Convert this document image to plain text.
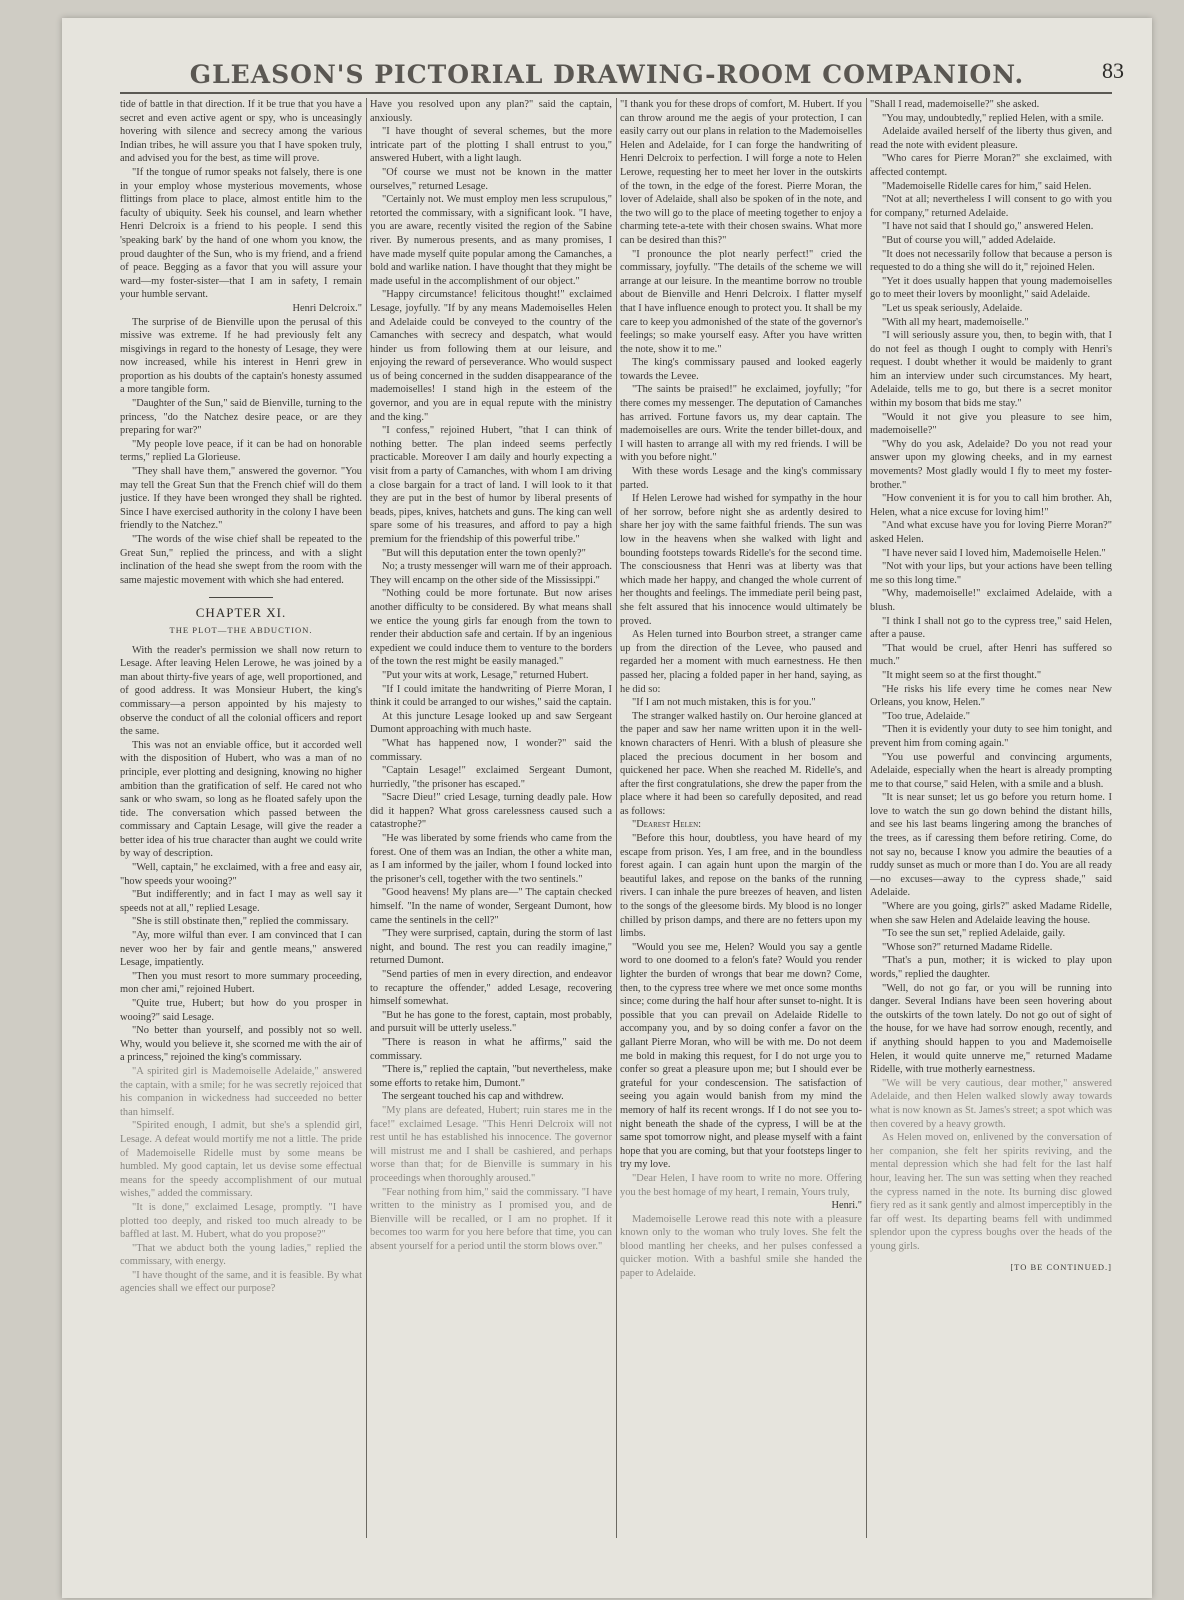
GLEASON'S PICTORIAL DRAWING-ROOM COMPANION.	83

tide of battle in that direction. If it be true that you have a secret and even active agent or spy, who is unceasingly hovering with silence and secrecy among the various Indian tribes, he will assure you that I have spoken truly, and advised you for the best, as time will prove.

"If the tongue of rumor speaks not falsely, there is one in your employ whose mysterious movements, whose flittings from place to place, almost entitle him to the faculty of ubiquity. Seek his counsel, and learn whether Henri Delcroix is a friend to his people. I send this 'speaking bark' by the hand of one whom you know, the proud daughter of the Sun, who is my friend, and a friend of peace. Begging as a favor that you will assure your ward—my foster-sister—that I am in safety, I remain your humble servant.

Henri Delcroix."

The surprise of de Bienville upon the perusal of this missive was extreme. If he had previously felt any misgivings in regard to the honesty of Lesage, they were now increased, while his interest in Henri grew in proportion as his doubts of the captain's honesty assumed a more tangible form.

"Daughter of the Sun," said de Bienville, turning to the princess, "do the Natchez desire peace, or are they preparing for war?"

"My people love peace, if it can be had on honorable terms," replied La Glorieuse.

"They shall have them," answered the governor. "You may tell the Great Sun that the French chief will do them justice. If they have been wronged they shall be righted. Since I have exercised authority in the colony I have been friendly to the Natchez."

"The words of the wise chief shall be repeated to the Great Sun," replied the princess, and with a slight inclination of the head she swept from the room with the same majestic movement with which she had entered.

CHAPTER XI.
THE PLOT—THE ABDUCTION.

With the reader's permission we shall now return to Lesage. After leaving Helen Lerowe, he was joined by a man about thirty-five years of age, well proportioned, and of good address. It was Monsieur Hubert, the king's commissary—a person appointed by his majesty to observe the conduct of all the colonial officers and report the same.

This was not an enviable office, but it accorded well with the disposition of Hubert, who was a man of no principle, ever plotting and designing, knowing no higher ambition than the gratification of self. He cared not who sank or who swam, so long as he floated safely upon the tide. The conversation which passed between the commissary and Captain Lesage, will give the reader a better idea of his true character than aught we could write by way of description.

"Well, captain," he exclaimed, with a free and easy air, "how speeds your wooing?"

"But indifferently; and in fact I may as well say it speeds not at all," replied Lesage.

"She is still obstinate then," replied the commissary.

"Ay, more wilful than ever. I am convinced that I can never woo her by fair and gentle means," answered Lesage, impatiently.

"Then you must resort to more summary proceeding, mon cher ami," rejoined Hubert.

"Quite true, Hubert; but how do you prosper in wooing?" said Lesage.

"No better than yourself, and possibly not so well. Why, would you believe it, she scorned me with the air of a princess," rejoined the king's commissary.

"A spirited girl is Mademoiselle Adelaide," answered the captain, with a smile; for he was secretly rejoiced that his companion in wickedness had succeeded no better than himself.

"Spirited enough, I admit, but she's a splendid girl, Lesage. A defeat would mortify me not a little. The pride of Mademoiselle Ridelle must by some means be humbled. My good captain, let us devise some effectual means for the speedy accomplishment of our mutual wishes," added the commissary.

"It is done," exclaimed Lesage, promptly. "I have plotted too deeply, and risked too much already to be baffled at last. M. Hubert, what do you propose?"

"That we abduct both the young ladies," replied the commissary, with energy.

"I have thought of the same, and it is feasible. By what agencies shall we effect our purpose?

Have you resolved upon any plan?" said the captain, anxiously.

"I have thought of several schemes, but the more intricate part of the plotting I shall entrust to you," answered Hubert, with a light laugh.

"Of course we must not be known in the matter ourselves," returned Lesage.

"Certainly not. We must employ men less scrupulous," retorted the commissary, with a significant look. "I have, you are aware, recently visited the region of the Sabine river. By numerous presents, and as many promises, I have made myself quite popular among the Camanches, a bold and warlike nation. I have thought that they might be made useful in the accomplishment of our object."

"Happy circumstance! felicitous thought!" exclaimed Lesage, joyfully. "If by any means Mademoiselles Helen and Adelaide could be conveyed to the country of the Camanches with secrecy and despatch, what would hinder us from following them at our leisure, and enjoying the reward of perseverance. Who would suspect us of being concerned in the sudden disappearance of the mademoiselles! I stand high in the esteem of the governor, and you are in equal repute with the ministry and the king."

"I confess," rejoined Hubert, "that I can think of nothing better. The plan indeed seems perfectly practicable. Moreover I am daily and hourly expecting a visit from a party of Camanches, with whom I am driving a close bargain for a tract of land. I will look to it that they are put in the best of humor by liberal presents of beads, pipes, knives, hatchets and guns. The king can well spare some of his treasures, and afford to pay a high premium for the friendship of this powerful tribe."

"But will this deputation enter the town openly?"

No; a trusty messenger will warn me of their approach. They will encamp on the other side of the Mississippi."

"Nothing could be more fortunate. But now arises another difficulty to be considered. By what means shall we entice the young girls far enough from the town to render their abduction safe and certain. If by an ingenious expedient we could induce them to venture to the borders of the town the rest might be easily managed."

"Put your wits at work, Lesage," returned Hubert.

"If I could imitate the handwriting of Pierre Moran, I think it could be arranged to our wishes," said the captain.

At this juncture Lesage looked up and saw Sergeant Dumont approaching with much haste.

"What has happened now, I wonder?" said the commissary.

"Captain Lesage!" exclaimed Sergeant Dumont, hurriedly, "the prisoner has escaped."

"Sacre Dieu!" cried Lesage, turning deadly pale. How did it happen? What gross carelessness caused such a catastrophe?"

"He was liberated by some friends who came from the forest. One of them was an Indian, the other a white man, as I am informed by the jailer, whom I found locked into the prisoner's cell, together with the two sentinels."

"Good heavens! My plans are—" The captain checked himself. "In the name of wonder, Sergeant Dumont, how came the sentinels in the cell?"

"They were surprised, captain, during the storm of last night, and bound. The rest you can readily imagine," returned Dumont.

"Send parties of men in every direction, and endeavor to recapture the offender," added Lesage, recovering himself somewhat.

"But he has gone to the forest, captain, most probably, and pursuit will be utterly useless."

"There is reason in what he affirms," said the commissary.

"There is," replied the captain, "but nevertheless, make some efforts to retake him, Dumont."

The sergeant touched his cap and withdrew.

"My plans are defeated, Hubert; ruin stares me in the face!" exclaimed Lesage. "This Henri Delcroix will not rest until he has established his innocence. The governor will mistrust me and I shall be cashiered, and perhaps worse than that; for de Bienville is summary in his proceedings when thoroughly aroused."

"Fear nothing from him," said the commissary. "I have written to the ministry as I promised you, and de Bienville will be recalled, or I am no prophet. If it becomes too warm for you here before that time, you can absent yourself for a period until the storm blows over."

"I thank you for these drops of comfort, M. Hubert. If you can throw around me the aegis of your protection, I can easily carry out our plans in relation to the Mademoiselles Helen and Adelaide, for I can forge the handwriting of Henri Delcroix to perfection. I will forge a note to Helen Lerowe, requesting her to meet her lover in the outskirts of the town, in the edge of the forest. Pierre Moran, the lover of Adelaide, shall also be spoken of in the note, and the two will go to the place of meeting together to enjoy a charming tete-a-tete with their chosen swains. What more can be desired than this?"

"I pronounce the plot nearly perfect!" cried the commissary, joyfully. "The details of the scheme we will arrange at our leisure. In the meantime borrow no trouble about de Bienville and Henri Delcroix. I flatter myself that I have influence enough to protect you. It shall be my care to keep you admonished of the state of the governor's feelings; so make yourself easy. After you have written the note, show it to me."

The king's commissary paused and looked eagerly towards the Levee.

"The saints be praised!" he exclaimed, joyfully; "for there comes my messenger. The deputation of Camanches has arrived. Fortune favors us, my dear captain. The mademoiselles are ours. Write the tender billet-doux, and I will hasten to arrange all with my red friends. I will be with you before night."

With these words Lesage and the king's commissary parted.

If Helen Lerowe had wished for sympathy in the hour of her sorrow, before night she as ardently desired to share her joy with the same faithful friends. The sun was low in the heavens when she walked with light and bounding footsteps towards Ridelle's for the second time. The consciousness that Henri was at liberty was that which made her happy, and changed the whole current of her thoughts and feelings. The immediate peril being past, she felt assured that his innocence would ultimately be proved.

As Helen turned into Bourbon street, a stranger came up from the direction of the Levee, who paused and regarded her a moment with much earnestness. He then passed her, placing a folded paper in her hand, saying, as he did so:

"If I am not much mistaken, this is for you."

The stranger walked hastily on. Our heroine glanced at the paper and saw her name written upon it in the well-known characters of Henri. With a blush of pleasure she placed the precious document in her bosom and quickened her pace. When she reached M. Ridelle's, and after the first congratulations, she drew the paper from the place where it had been so carefully deposited, and read as follows:

"Dearest Helen:

"Before this hour, doubtless, you have heard of my escape from prison. Yes, I am free, and in the boundless forest again. I can again hunt upon the margin of the beautiful lakes, and repose on the banks of the running rivers. I can inhale the pure breezes of heaven, and listen to the songs of the gleesome birds. My blood is no longer chilled by prison damps, and there are no fetters upon my limbs.

"Would you see me, Helen? Would you say a gentle word to one doomed to a felon's fate? Would you render lighter the burden of wrongs that bear me down? Come, then, to the cypress tree where we met once some months since; come during the half hour after sunset to-night. It is possible that you can prevail on Adelaide Ridelle to accompany you, and by so doing confer a favor on the gallant Pierre Moran, who will be with me. Do not deem me bold in making this request, for I do not urge you to confer so great a pleasure upon me; but I should ever be grateful for your condescension. The satisfaction of seeing you again would banish from my mind the memory of half its recent wrongs. If I do not see you to-night beneath the shade of the cypress, I will be at the same spot tomorrow night, and please myself with a faint hope that you are coming, but that your footsteps linger to try my love.

"Dear Helen, I have room to write no more. Offering you the best homage of my heart, I remain, Yours truly,

Henri."

Mademoiselle Lerowe read this note with a pleasure known only to the woman who truly loves. She felt the blood mantling her cheeks, and her pulses confessed a quicker motion. With a bashful smile she handed the paper to Adelaide.

"Shall I read, mademoiselle?" she asked.

"You may, undoubtedly," replied Helen, with a smile.

Adelaide availed herself of the liberty thus given, and read the note with evident pleasure.

"Who cares for Pierre Moran?" she exclaimed, with affected contempt.

"Mademoiselle Ridelle cares for him," said Helen.

"Not at all; nevertheless I will consent to go with you for company," returned Adelaide.

"I have not said that I should go," answered Helen.

"But of course you will," added Adelaide.

"It does not necessarily follow that because a person is requested to do a thing she will do it," rejoined Helen.

"Yet it does usually happen that young mademoiselles go to meet their lovers by moonlight," said Adelaide.

"Let us speak seriously, Adelaide.

"With all my heart, mademoiselle."

"I will seriously assure you, then, to begin with, that I do not feel as though I ought to comply with Henri's request. I doubt whether it would be maidenly to grant him an interview under such circumstances. My heart, Adelaide, tells me to go, but there is a secret monitor within my bosom that bids me stay."

"Would it not give you pleasure to see him, mademoiselle?"

"Why do you ask, Adelaide? Do you not read your answer upon my glowing cheeks, and in my earnest movements? Most gladly would I fly to meet my foster-brother."

"How convenient it is for you to call him brother. Ah, Helen, what a nice excuse for loving him!"

"And what excuse have you for loving Pierre Moran?" asked Helen.

"I have never said I loved him, Mademoiselle Helen."

"Not with your lips, but your actions have been telling me so this long time."

"Why, mademoiselle!" exclaimed Adelaide, with a blush.

"I think I shall not go to the cypress tree," said Helen, after a pause.

"That would be cruel, after Henri has suffered so much."

"It might seem so at the first thought."

"He risks his life every time he comes near New Orleans, you know, Helen."

"Too true, Adelaide."

"Then it is evidently your duty to see him tonight, and prevent him from coming again."

"You use powerful and convincing arguments, Adelaide, especially when the heart is already prompting me to that course," said Helen, with a smile and a blush.

"It is near sunset; let us go before you return home. I love to watch the sun go down behind the distant hills, and see his last beams lingering among the branches of the trees, as if caressing them before retiring. Come, do not say no, because I know you admire the beauties of a ruddy sunset as much or more than I do. You are all ready—no excuses—away to the cypress shade," said Adelaide.

"Where are you going, girls?" asked Madame Ridelle, when she saw Helen and Adelaide leaving the house.

"To see the sun set," replied Adelaide, gaily.

"Whose son?" returned Madame Ridelle.

"That's a pun, mother; it is wicked to play upon words," replied the daughter.

"Well, do not go far, or you will be running into danger. Several Indians have been seen hovering about the outskirts of the town lately. Do not go out of sight of the house, for we have had sorrow enough, recently, and if anything should happen to you and Mademoiselle Helen, it would quite unnerve me," returned Madame Ridelle, with true motherly earnestness.

"We will be very cautious, dear mother," answered Adelaide, and then Helen walked slowly away towards what is now known as St. James's street; a spot which was then covered by a heavy growth.

As Helen moved on, enlivened by the conversation of her companion, she felt her spirits reviving, and the mental depression which she had felt for the last half hour, leaving her. The sun was setting when they reached the cypress named in the note. Its burning disc glowed fiery red as it sank gently and almost imperceptibly in the far off west. Its departing beams fell with undimmed splendor upon the cypress boughs over the heads of the young girls.

[TO BE CONTINUED.]
